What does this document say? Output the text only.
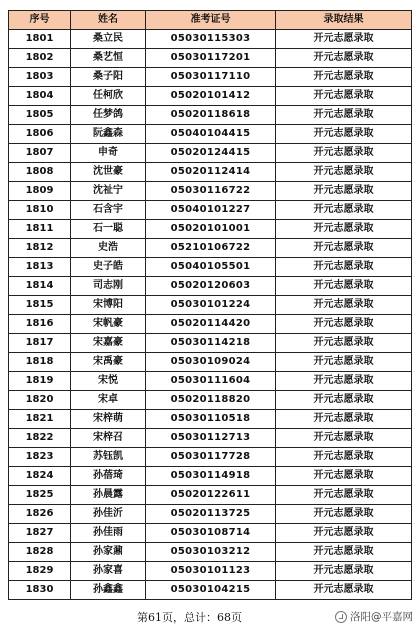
序号	姓名	准考证号	录取结果
1801	桑立民	05030115303	开元志愿录取
1802	桑艺恒	05030117201	开元志愿录取
1803	桑子阳	05030117110	开元志愿录取
1804	任柯欣	05020101412	开元志愿录取
1805	任梦鸽	05020118618	开元志愿录取
1806	阮鑫森	05040104415	开元志愿录取
1807	申奇	05020124415	开元志愿录取
1808	沈世豪	05020112414	开元志愿录取
1809	沈祉宁	05030116722	开元志愿录取
1810	石含宇	05040101227	开元志愿录取
1811	石一聪	05020101001	开元志愿录取
1812	史浩	05210106722	开元志愿录取
1813	史子皓	05040105501	开元志愿录取
1814	司志刚	05020120603	开元志愿录取
1815	宋博阳	05030101224	开元志愿录取
1816	宋帆豪	05020114420	开元志愿录取
1817	宋嘉豪	05030114218	开元志愿录取
1818	宋禹豪	05030109024	开元志愿录取
1819	宋悦	05030111604	开元志愿录取
1820	宋卓	05020118820	开元志愿录取
1821	宋梓萌	05030110518	开元志愿录取
1822	宋梓召	05030112713	开元志愿录取
1823	苏钰凯	05030117728	开元志愿录取
1824	孙蓓琦	05030114918	开元志愿录取
1825	孙晨露	05020122611	开元志愿录取
1826	孙佳沂	05020113725	开元志愿录取
1827	孙佳雨	05030108714	开元志愿录取
1828	孙家鼐	05030103212	开元志愿录取
1829	孙家喜	05030101123	开元志愿录取
1830	孙鑫鑫	05030104215	开元志愿录取
第61页，总计：68页	洛阳@平嘉网
